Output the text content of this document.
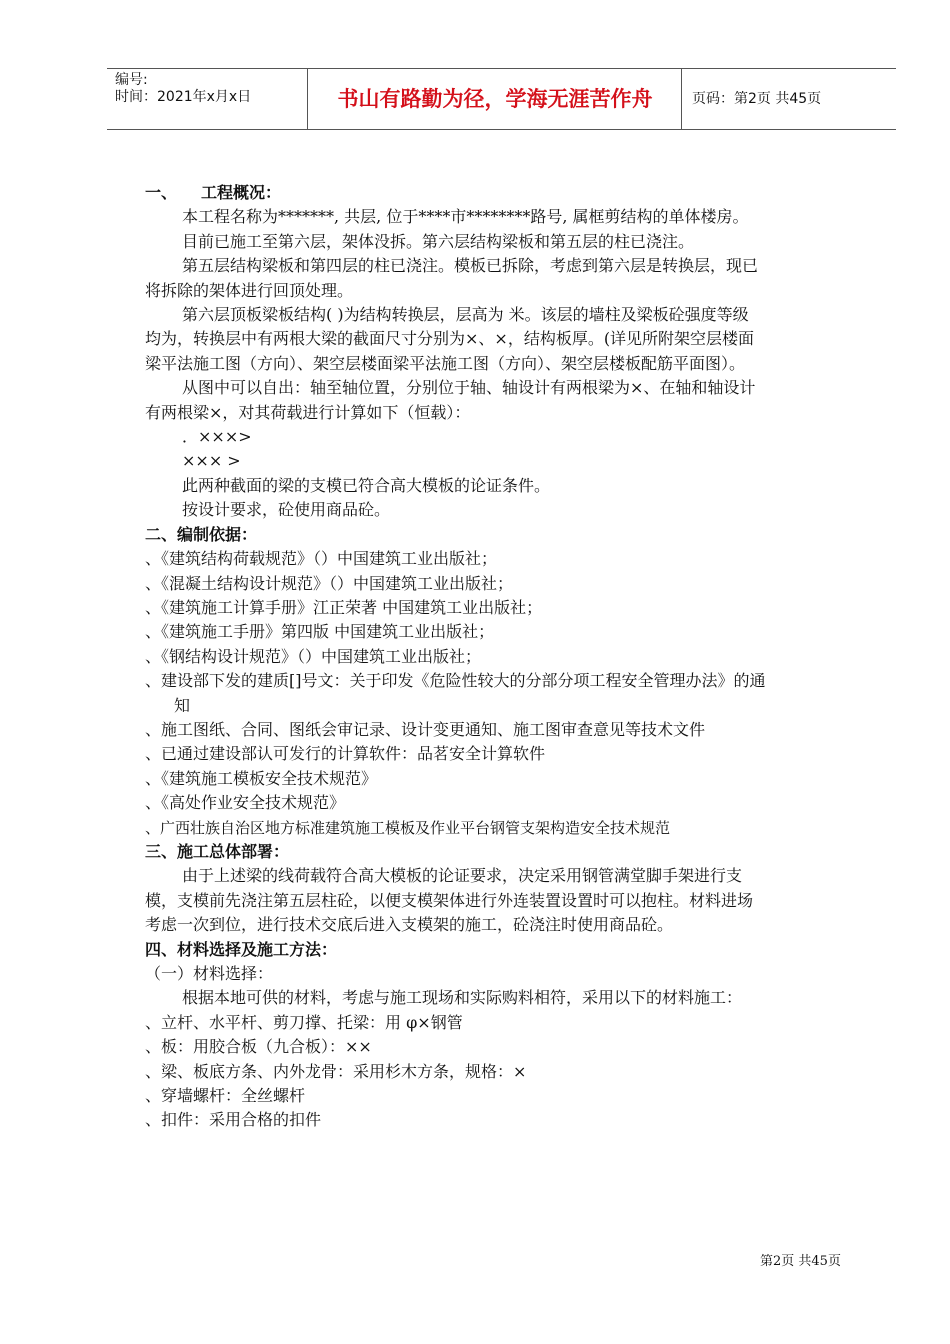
编号:
时间：2021年x月x日	书山有路勤为径，学海无涯苦作舟	页码：第2页 共45页
一、 工程概况：
本工程名称为*******, 共层, 位于****市********路号, 属框剪结构的单体楼房。
目前已施工至第六层，架体没拆。第六层结构梁板和第五层的柱已浇注。
第五层结构梁板和第四层的柱已浇注。模板已拆除，考虑到第六层是转换层，现已
将拆除的架体进行回顶处理。
第六层顶板梁板结构( )为结构转换层，层高为 米。该层的墙柱及梁板砼强度等级
均为，转换层中有两根大梁的截面尺寸分别为×、×，结构板厚。(详见所附架空层楼面
梁平法施工图（方向）、架空层楼面梁平法施工图（方向）、架空层楼板配筋平面图）。
从图中可以自出：轴至轴位置，分别位于轴、轴设计有两根梁为×、在轴和轴设计
有两根梁×，对其荷载进行计算如下（恒载）：
．×××>
××× >
此两种截面的梁的支模已符合高大模板的论证条件。
按设计要求，砼使用商品砼。
二、编制依据：
、《建筑结构荷载规范》（）中国建筑工业出版社；
、《混凝土结构设计规范》（）中国建筑工业出版社；
、《建筑施工计算手册》江正荣著 中国建筑工业出版社；
、《建筑施工手册》第四版 中国建筑工业出版社；
、《钢结构设计规范》（）中国建筑工业出版社；
、建设部下发的建质[]号文：关于印发《危险性较大的分部分项工程安全管理办法》的通
知
、施工图纸、合同、图纸会审记录、设计变更通知、施工图审查意见等技术文件
、已通过建设部认可发行的计算软件：品茗安全计算软件
、《建筑施工模板安全技术规范》
、《高处作业安全技术规范》
、广西壮族自治区地方标准建筑施工模板及作业平台钢管支架构造安全技术规范
三、施工总体部署：
由于上述梁的线荷载符合高大模板的论证要求，决定采用钢管满堂脚手架进行支
模，支模前先浇注第五层柱砼，以便支模架体进行外连装置设置时可以抱柱。材料进场
考虑一次到位，进行技术交底后进入支模架的施工，砼浇注时使用商品砼。
四、材料选择及施工方法：
（一）材料选择：
根据本地可供的材料，考虑与施工现场和实际购料相符，采用以下的材料施工：
、立杆、水平杆、剪刀撑、托梁：用 φ×钢管
、板：用胶合板（九合板）：××
、梁、板底方条、内外龙骨：采用杉木方条，规格：×
、穿墙螺杆：全丝螺杆
、扣件：采用合格的扣件
第2页 共45页
